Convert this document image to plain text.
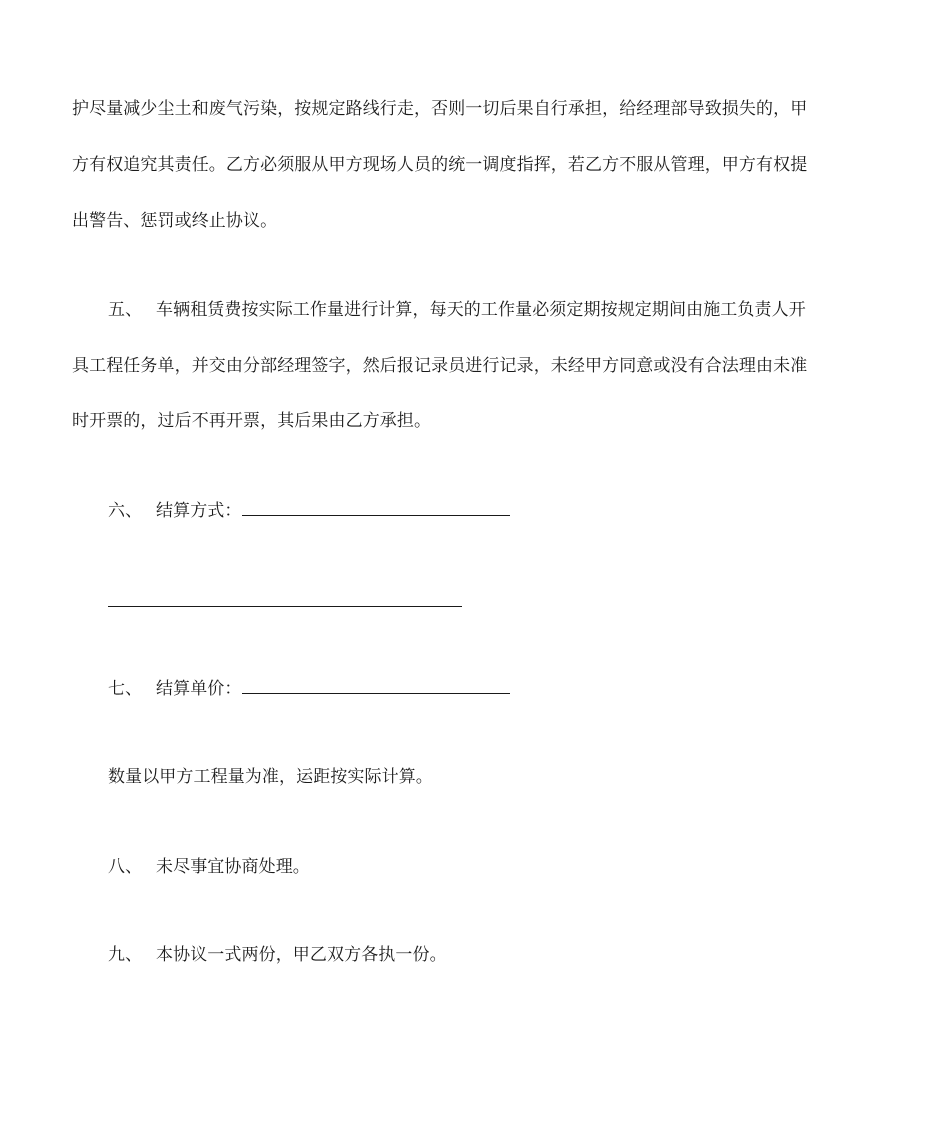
护尽量减少尘土和废气污染，按规定路线行走，否则一切后果自行承担，给经理部导致损失的，甲
方有权追究其责任。乙方必须服从甲方现场人员的统一调度指挥，若乙方不服从管理，甲方有权提
出警告、惩罚或终止协议。
五、 车辆租赁费按实际工作量进行计算，每天的工作量必须定期按规定期间由施工负责人开
具工程任务单，并交由分部经理签字，然后报记录员进行记录，未经甲方同意或没有合法理由未准
时开票的，过后不再开票，其后果由乙方承担。
六、 结算方式：
七、 结算单价：
数量以甲方工程量为准，运距按实际计算。
八、 未尽事宜协商处理。
九、 本协议一式两份，甲乙双方各执一份。
